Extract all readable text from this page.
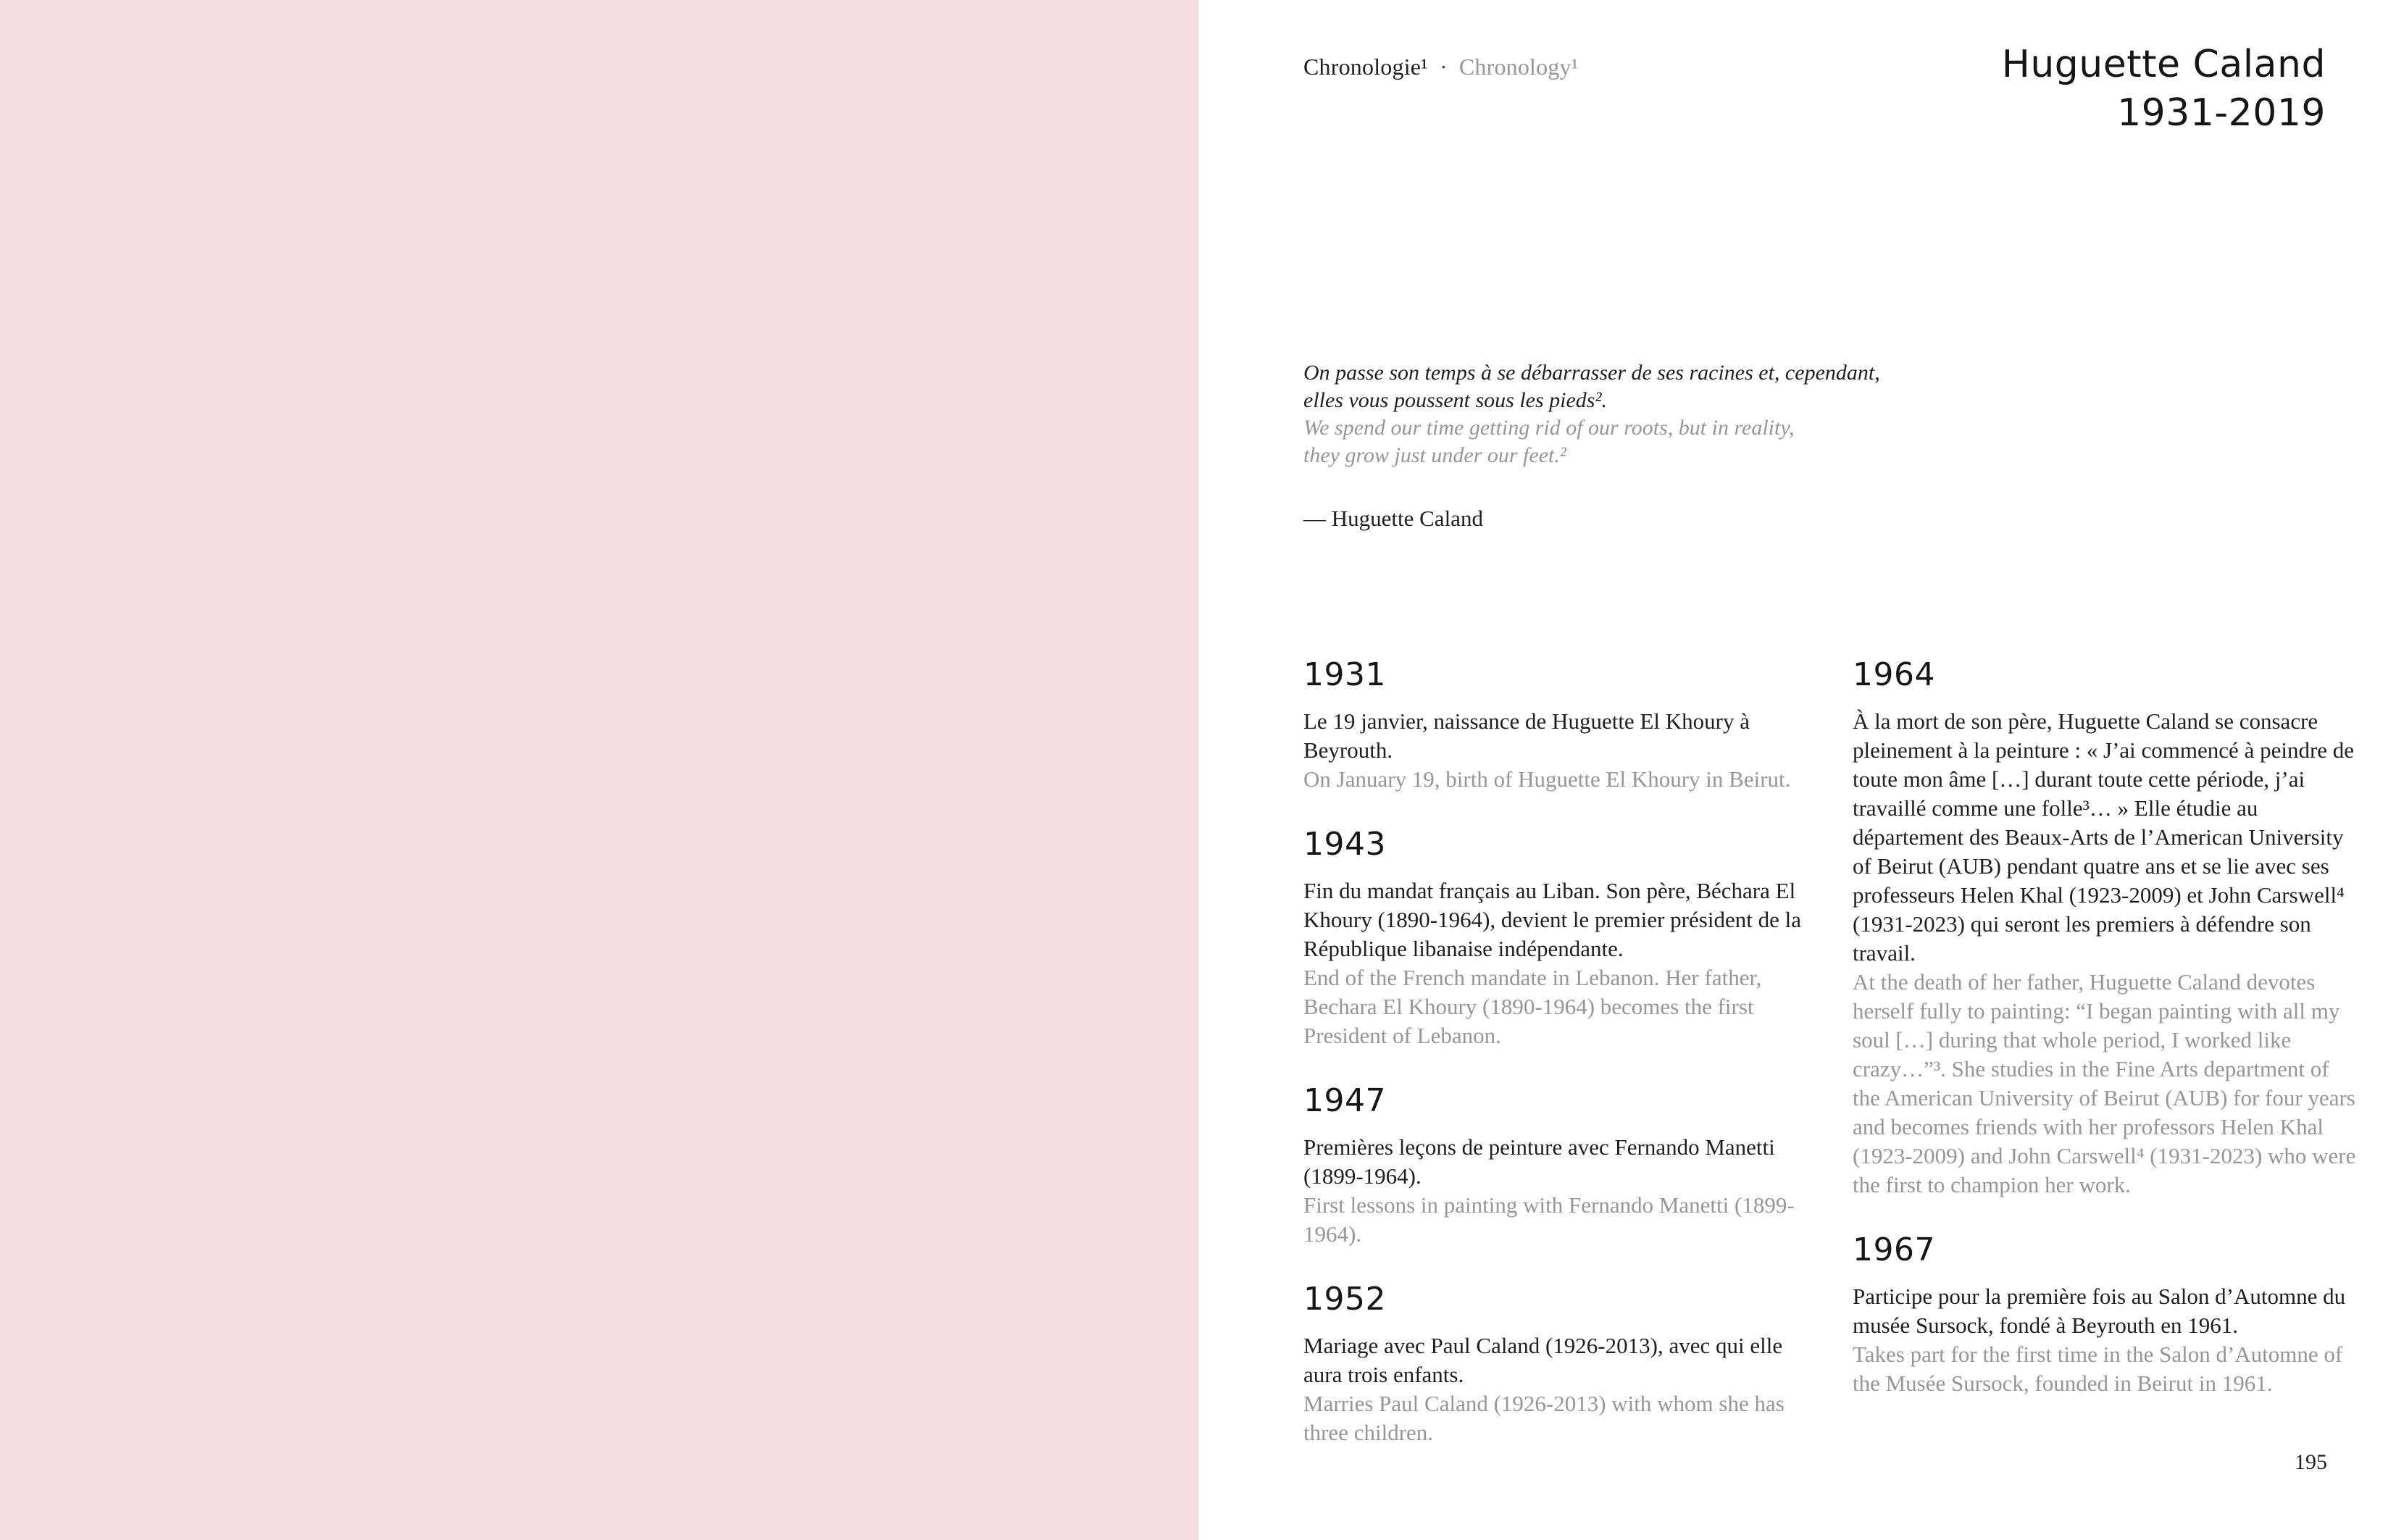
Chronologie¹ · Chronology¹	Huguette Caland
1931-2019
On passe son temps à se débarrasser de ses racines et, cependant,
elles vous poussent sous les pieds².
We spend our time getting rid of our roots, but in reality,
they grow just under our feet.²
— Huguette Caland
1931

Le 19 janvier, naissance de Huguette El Khoury à Beyrouth.

On January 19, birth of Huguette El Khoury in Beirut.

1943

Fin du mandat français au Liban. Son père, Béchara El Khoury (1890-1964), devient le premier président de la République libanaise indépendante.

End of the French mandate in Lebanon. Her father, Bechara El Khoury (1890-1964) becomes the first President of Lebanon.

1947

Premières leçons de peinture avec Fernando Manetti (1899-1964).

First lessons in painting with Fernando Manetti (1899-1964).

1952

Mariage avec Paul Caland (1926-2013), avec qui elle aura trois enfants.

Marries Paul Caland (1926-2013) with whom she has three children.

1964

À la mort de son père, Huguette Caland se consacre pleinement à la peinture : « J’ai commencé à peindre de toute mon âme […] durant toute cette période, j’ai travaillé comme une folle³… » Elle étudie au département des Beaux-Arts de l’American University of Beirut (AUB) pendant quatre ans et se lie avec ses professeurs Helen Khal (1923-2009) et John Carswell⁴ (1931-2023) qui seront les premiers à défendre son travail.

At the death of her father, Huguette Caland devotes herself fully to painting: “I began painting with all my soul […] during that whole period, I worked like crazy…”³. She studies in the Fine Arts department of the American University of Beirut (AUB) for four years and becomes friends with her professors Helen Khal (1923-2009) and John Carswell⁴ (1931-2023) who were the first to champion her work.

1967

Participe pour la première fois au Salon d’Automne du musée Sursock, fondé à Beyrouth en 1961.

Takes part for the first time in the Salon d’Automne of the Musée Sursock, founded in Beirut in 1961.

195
